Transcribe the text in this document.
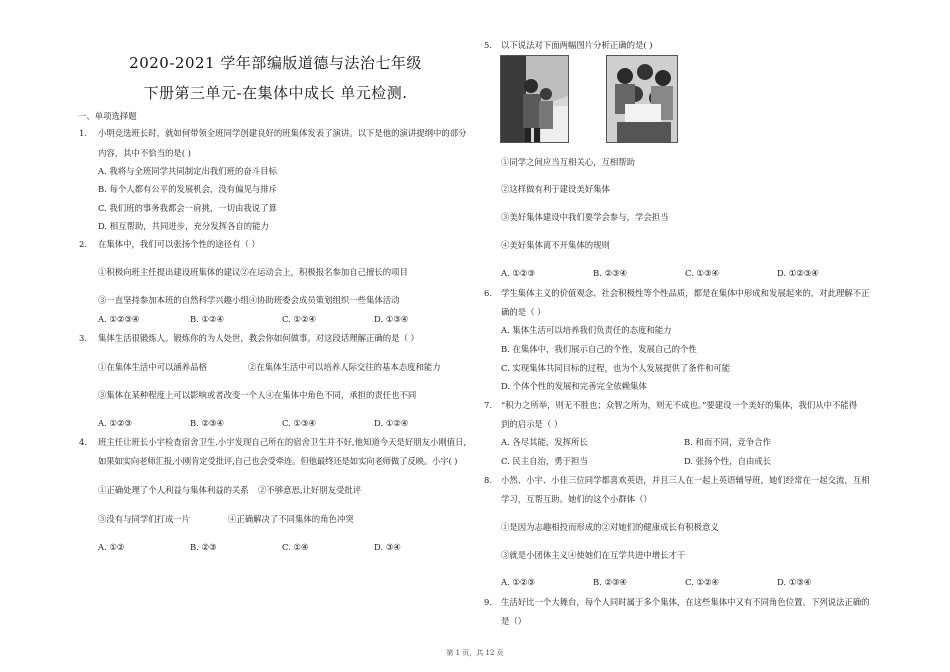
2020-2021 学年部编版道德与法治七年级
下册第三单元-在集体中成长 单元检测.
一、单项选择题
1. 小明竞选班长时，就如何带领全班同学创建良好的班集体发表了演讲。以下是他的演讲提纲中的部分
内容，其中不恰当的是( )
A. 我将与全班同学共同制定出我们班的奋斗目标
B. 每个人都有公平的发展机会，没有偏见与排斥
C. 我们班的事务我都会一肩挑，一切由我说了算
D. 相互帮助，共同进步，充分发挥各自的能力
2. 在集体中，我们可以张扬个性的途径有（ ）
①积极向班主任提出建设班集体的建议②在运动会上，积极报名参加自己擅长的项目
③一直坚持参加本班的自然科学兴趣小组④协助班委会成员策划组织一些集体活动
A. ①②③④	B. ①②④	C. ①②④	D. ①③④
3. 集体生活很锻炼人。锻炼你的为人处世，教会你如何做事。对这段话理解正确的是（ ）
①在集体生活中可以涵养品格	②在集体生活中可以培养人际交往的基本态度和能力
③集体在某种程度上可以影响或者改变一个人④在集体中角色不同，承担的责任也不同
A. ①②③	B. ②③④	C. ①③④	D. ①②④
4. 班主任让班长小宇检查宿舍卫生.小宇发现自己所在的宿舍卫生并不好,他知道今天是好朋友小刚值日,
如果如实向老师汇报,小刚肯定受批评,自己也会受牵连。但他最终还是如实向老师做了反映。小宇( )
①正确处理了个人利益与集体利益的关系 ②不够意思,让好朋友受批评
③没有与同学们打成一片	④正确解决了不同集体的角色冲突
A. ①②	B. ②③	C. ①④	D. ③④
5. 以下说法对下面两幅图片分析正确的是( )
①同学之间应当互相关心，互相帮助
②这样做有利于建设美好集体
③美好集体建设中我们要学会参与，学会担当
④美好集体离不开集体的规则
A. ①②③	B. ②③④	C. ①③④	D. ①②③④
6. 学生集体主义的价值观念、社会积极性等个性品质，都是在集体中形成和发展起来的，对此理解不正
确的是（ ）
A. 集体生活可以培养我们负责任的态度和能力
B. 在集体中，我们展示自己的个性，发展自己的个性
C. 实现集体共同目标的过程，也为个人发展提供了条件和可能
D. 个体个性的发展和完善完全依赖集体
7. “积力之所举，则无不胜也；众智之所为，则无不成也。”要建设一个美好的集体，我们从中不能得
到的启示是（ ）
A. 各尽其能，发挥所长	B. 和而不同，竞争合作
C. 民主自治，勇于担当	D. 张扬个性，自由成长
8. 小然、小宇、小佳三位同学都喜欢英语，并且三人在一起上英语辅导班，她们经常在一起交流，互相
学习，互帮互助。她们的这个小群体（）
①是因为志趣相投而形成的②对她们的健康成长有积极意义
③就是小团体主义④使她们在互学共进中增长才干
A. ①②③	B. ②③④	C. ①②④	D. ①③④
9. 生活好比一个大舞台，每个人同时属于多个集体，在这些集体中又有不同角色位置。下列说法正确的
是（）
第 1 页，共 12 页
